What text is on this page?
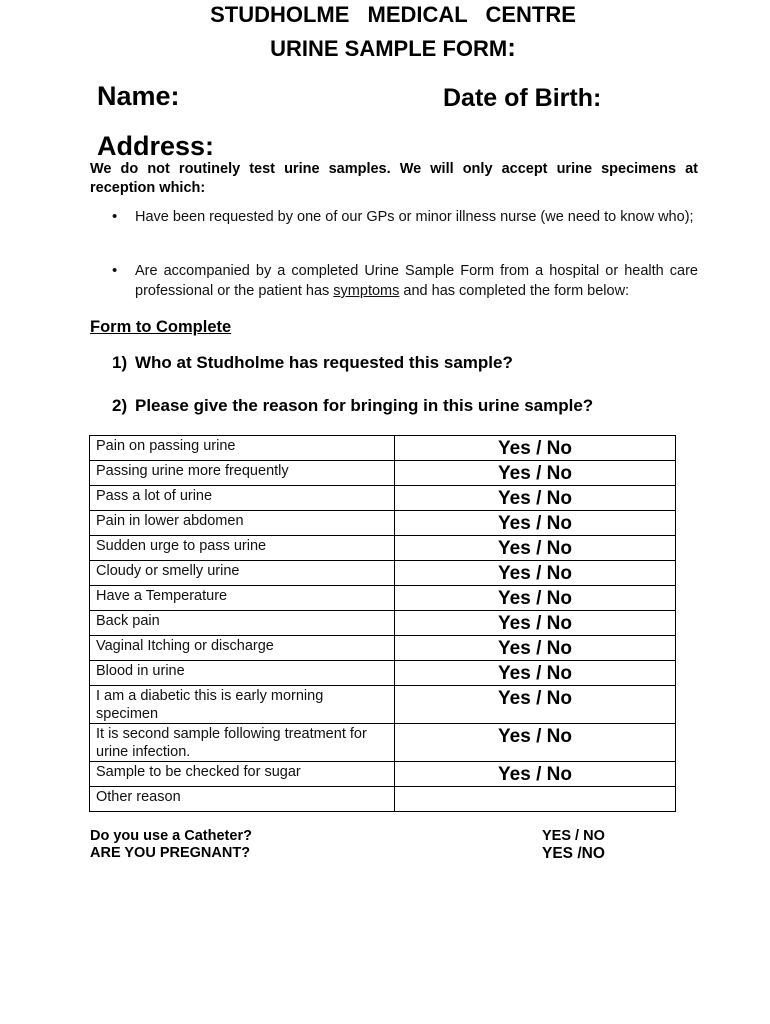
STUDHOLME MEDICAL CENTRE
URINE SAMPLE FORM:
Name:	Date of Birth:
Address:
We do not routinely test urine samples. We will only accept urine specimens at reception which:
• Have been requested by one of our GPs or minor illness nurse (we need to know who);
• Are accompanied by a completed Urine Sample Form from a hospital or health care professional or the patient has symptoms and has completed the form below:
Form to Complete
1) Who at Studholme has requested this sample?
2) Please give the reason for bringing in this urine sample?
Pain on passing urine	Yes / No
Passing urine more frequently	Yes / No
Pass a lot of urine	Yes / No
Pain in lower abdomen	Yes / No
Sudden urge to pass urine	Yes / No
Cloudy or smelly urine	Yes / No
Have a Temperature	Yes / No
Back pain	Yes / No
Vaginal Itching or discharge	Yes / No
Blood in urine	Yes / No
I am a diabetic this is early morning specimen	Yes / No
It is second sample following treatment for urine infection.	Yes / No
Sample to be checked for sugar	Yes / No
Other reason	
Do you use a Catheter?	YES / NO
ARE YOU PREGNANT?	YES /NO
